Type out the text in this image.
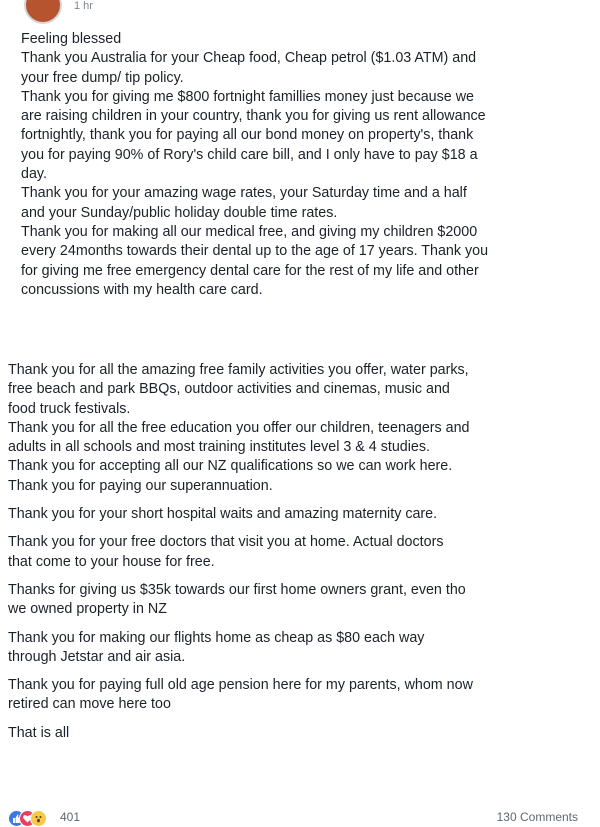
1 hr
Feeling blessed
Thank you Australia for your Cheap food, Cheap petrol ($1.03 ATM) and
your free dump/ tip policy.
Thank you for giving me $800 fortnight famillies money just because we
are raising children in your country, thank you for giving us rent allowance
fortnightly, thank you for paying all our bond money on property's, thank
you for paying 90% of Rory's child care bill, and I only have to pay $18 a
day.
Thank you for your amazing wage rates, your Saturday time and a half
and your Sunday/public holiday double time rates.
Thank you for making all our medical free, and giving my children $2000
every 24months towards their dental up to the age of 17 years. Thank you
for giving me free emergency dental care for the rest of my life and other
concussions with my health care card.
Thank you for all the amazing free family activities you offer, water parks,
free beach and park BBQs, outdoor activities and cinemas, music and
food truck festivals.
Thank you for all the free education you offer our children, teenagers and
adults in all schools and most training institutes level 3 & 4 studies.
Thank you for accepting all our NZ qualifications so we can work here.
Thank you for paying our superannuation.
Thank you for your short hospital waits and amazing maternity care.
Thank you for your free doctors that visit you at home. Actual doctors
that come to your house for free.
Thanks for giving us $35k towards our first home owners grant, even tho
we owned property in NZ
Thank you for making our flights home as cheap as $80 each way
through Jetstar and air asia.
Thank you for paying full old age pension here for my parents, whom now
retired can move here too
That is all
401	130 Comments
